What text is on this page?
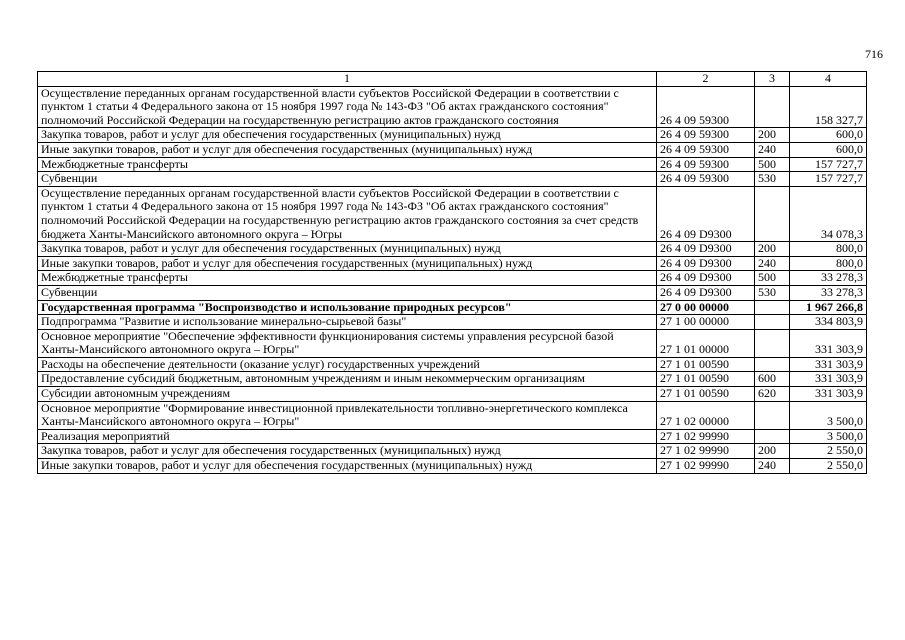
716
1	2	3	4
Осуществление переданных органам государственной власти субъектов Российской Федерации в соответствии с пунктом 1 статьи 4 Федерального закона от 15 ноября 1997 года № 143-ФЗ "Об актах гражданского состояния" полномочий Российской Федерации на государственную регистрацию актов гражданского состояния	26 4 09 59300		158 327,7
Закупка товаров, работ и услуг для обеспечения государственных (муниципальных) нужд	26 4 09 59300	200	600,0
Иные закупки товаров, работ и услуг для обеспечения государственных (муниципальных) нужд	26 4 09 59300	240	600,0
Межбюджетные трансферты	26 4 09 59300	500	157 727,7
Субвенции	26 4 09 59300	530	157 727,7
Осуществление переданных органам государственной власти субъектов Российской Федерации в соответствии с пунктом 1 статьи 4 Федерального закона от 15 ноября 1997 года № 143-ФЗ "Об актах гражданского состояния" полномочий Российской Федерации на государственную регистрацию актов гражданского состояния за счет средств бюджета Ханты-Мансийского автономного округа – Югры	26 4 09 D9300		34 078,3
Закупка товаров, работ и услуг для обеспечения государственных (муниципальных) нужд	26 4 09 D9300	200	800,0
Иные закупки товаров, работ и услуг для обеспечения государственных (муниципальных) нужд	26 4 09 D9300	240	800,0
Межбюджетные трансферты	26 4 09 D9300	500	33 278,3
Субвенции	26 4 09 D9300	530	33 278,3
Государственная программа "Воспроизводство и использование природных ресурсов"	27 0 00 00000		1 967 266,8
Подпрограмма "Развитие и использование минерально-сырьевой базы"	27 1 00 00000		334 803,9
Основное мероприятие "Обеспечение эффективности функционирования системы управления ресурсной базой Ханты-Мансийского автономного округа – Югры"	27 1 01 00000		331 303,9
Расходы на обеспечение деятельности (оказание услуг) государственных учреждений	27 1 01 00590		331 303,9
Предоставление субсидий бюджетным, автономным учреждениям и иным некоммерческим организациям	27 1 01 00590	600	331 303,9
Субсидии автономным учреждениям	27 1 01 00590	620	331 303,9
Основное мероприятие "Формирование инвестиционной привлекательности топливно-энергетического комплекса Ханты-Мансийского автономного округа – Югры"	27 1 02 00000		3 500,0
Реализация мероприятий	27 1 02 99990		3 500,0
Закупка товаров, работ и услуг для обеспечения государственных (муниципальных) нужд	27 1 02 99990	200	2 550,0
Иные закупки товаров, работ и услуг для обеспечения государственных (муниципальных) нужд	27 1 02 99990	240	2 550,0
